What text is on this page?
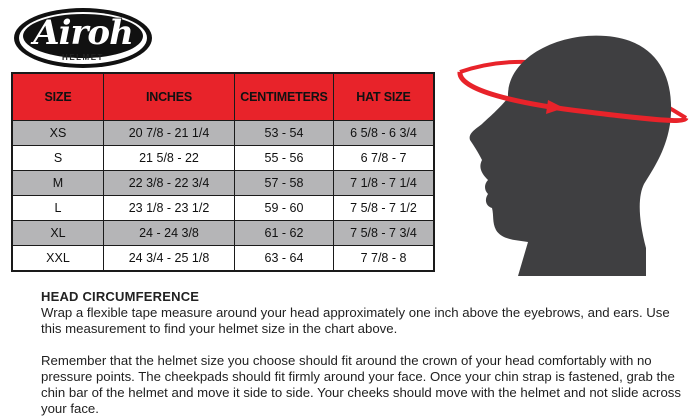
Airoh
HELMET
SIZE	INCHES	CENTIMETERS	HAT SIZE
XS	20 7/8 - 21 1/4	53 - 54	6 5/8 - 6 3/4
S	21 5/8 - 22	55 - 56	6 7/8 - 7
M	22 3/8 - 22 3/4	57 - 58	7 1/8 - 7 1/4
L	23 1/8 - 23 1/2	59 - 60	7 5/8 - 7 1/2
XL	24 - 24 3/8	61 - 62	7 5/8 - 7 3/4
XXL	24 3/4 - 25 1/8	63 - 64	7 7/8 - 8
HEAD CIRCUMFERENCE

Wrap a flexible tape measure around your head approximately one inch above the eyebrows, and ears. Use this measurement to find your helmet size in the chart above.

Remember that the helmet size you choose should fit around the crown of your head comfortably with no pressure points. The cheekpads should fit firmly around your face. Once your chin strap is fastened, grab the chin bar of the helmet and move it side to side. Your cheeks should move with the helmet and not slide across your face.
